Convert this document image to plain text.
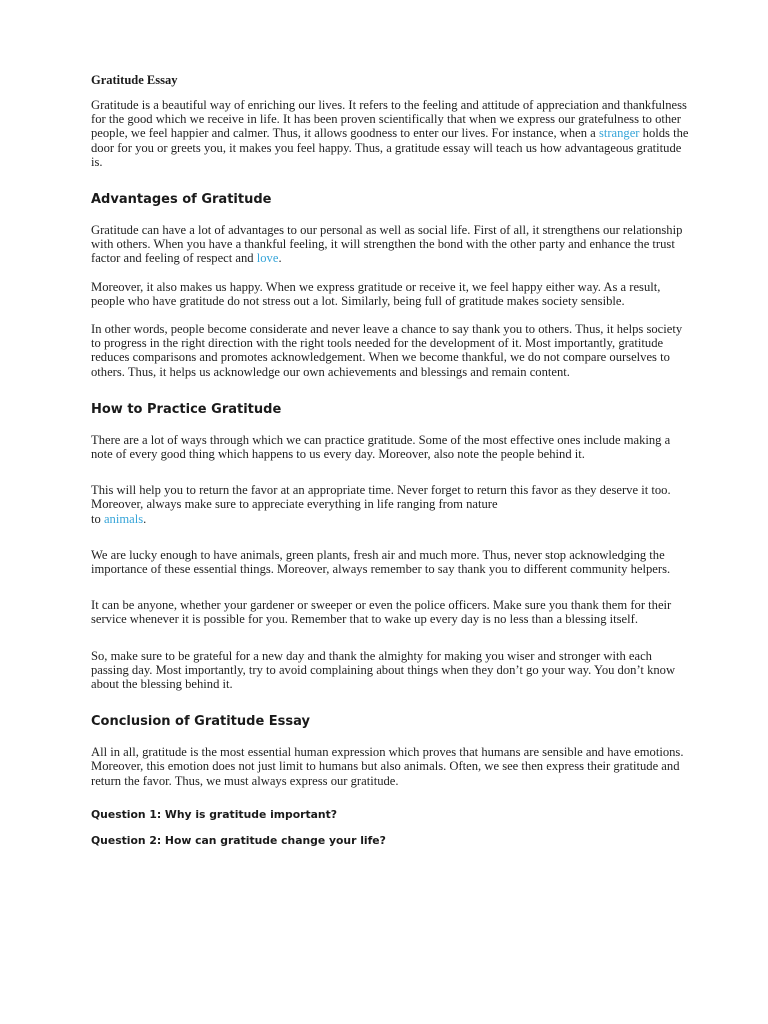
Gratitude Essay

Gratitude is a beautiful way of enriching our lives. It refers to the feeling and attitude of appreciation and thankfulness for the good which we receive in life. It has been proven scientifically that when we express our gratefulness to other people, we feel happier and calmer. Thus, it allows goodness to enter our lives. For instance, when a stranger holds the door for you or greets you, it makes you feel happy. Thus, a gratitude essay will teach us how advantageous gratitude is.

Advantages of Gratitude

Gratitude can have a lot of advantages to our personal as well as social life. First of all, it strengthens our relationship with others. When you have a thankful feeling, it will strengthen the bond with the other party and enhance the trust factor and feeling of respect and love.

Moreover, it also makes us happy. When we express gratitude or receive it, we feel happy either way. As a result, people who have gratitude do not stress out a lot. Similarly, being full of gratitude makes society sensible.

In other words, people become considerate and never leave a chance to say thank you to others. Thus, it helps society to progress in the right direction with the right tools needed for the development of it. Most importantly, gratitude reduces comparisons and promotes acknowledgement. When we become thankful, we do not compare ourselves to others. Thus, it helps us acknowledge our own achievements and blessings and remain content.

How to Practice Gratitude

There are a lot of ways through which we can practice gratitude. Some of the most effective ones include making a note of every good thing which happens to us every day. Moreover, also note the people behind it.

This will help you to return the favor at an appropriate time. Never forget to return this favor as they deserve it too. Moreover, always make sure to appreciate everything in life ranging from nature
to animals.

We are lucky enough to have animals, green plants, fresh air and much more. Thus, never stop acknowledging the importance of these essential things. Moreover, always remember to say thank you to different community helpers.

It can be anyone, whether your gardener or sweeper or even the police officers. Make sure you thank them for their service whenever it is possible for you. Remember that to wake up every day is no less than a blessing itself.

So, make sure to be grateful for a new day and thank the almighty for making you wiser and stronger with each passing day. Most importantly, try to avoid complaining about things when they don’t go your way. You don’t know about the blessing behind it.

Conclusion of Gratitude Essay

All in all, gratitude is the most essential human expression which proves that humans are sensible and have emotions. Moreover, this emotion does not just limit to humans but also animals. Often, we see then express their gratitude and return the favor. Thus, we must always express our gratitude.

Question 1: Why is gratitude important?

Question 2: How can gratitude change your life?
